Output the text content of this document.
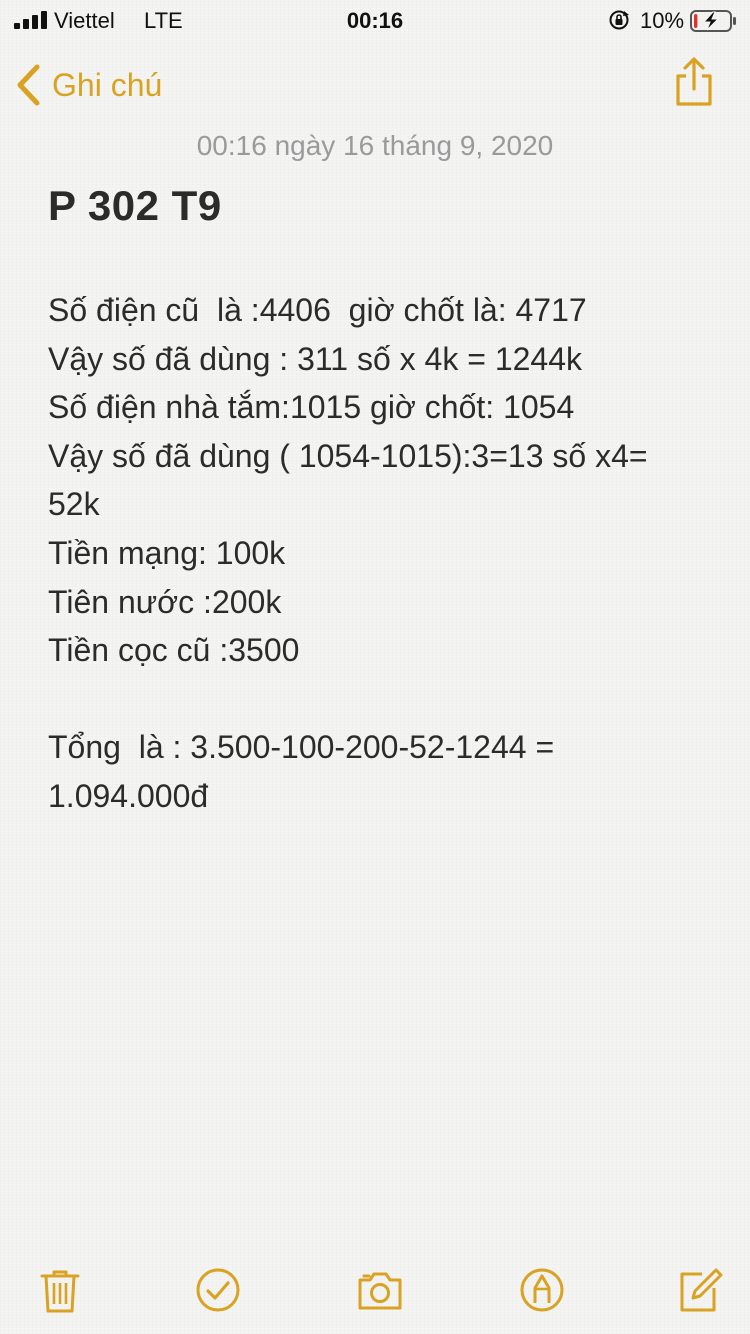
Viettel LTE	00:16	10%
Ghi chú
00:16 ngày 16 tháng 9, 2020
P 302 T9
Số điện cũ  là :4406  giờ chốt là: 4717
Vậy số đã dùng : 311 số x 4k = 1244k
Số điện nhà tắm:1015 giờ chốt: 1054
Vậy số đã dùng ( 1054-1015):3=13 số x4=
52k
Tiền mạng: 100k
Tiên nước :200k
Tiền cọc cũ :3500
Tổng  là : 3.500-100-200-52-1244 =
1.094.000đ
